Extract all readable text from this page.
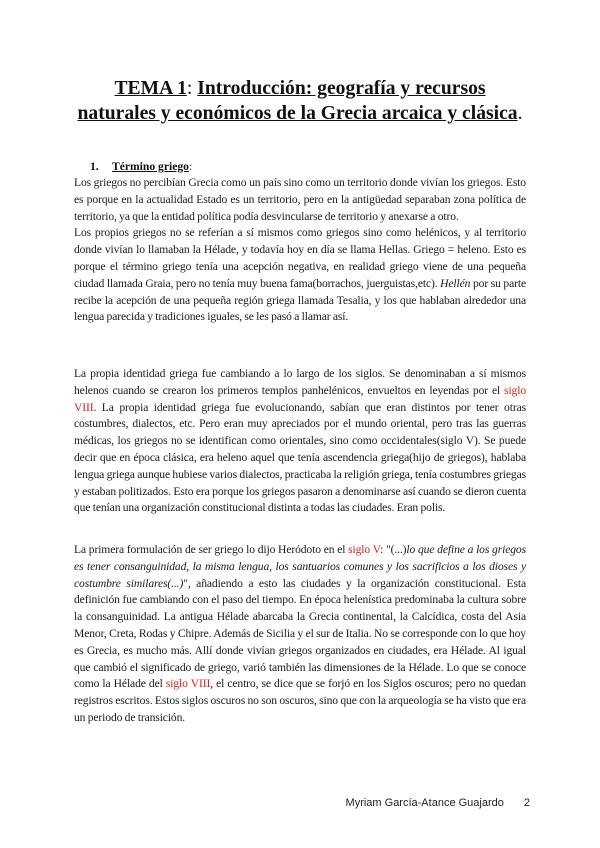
TEMA 1: Introducción: geografía y recursos naturales y económicos de la Grecia arcaica y clásica.
1. Término griego:

Los griegos no percibían Grecia como un país sino como un territorio donde vivían los griegos. Esto es porque en la actualidad Estado es un territorio, pero en la antigüedad separaban zona política de territorio, ya que la entidad política podía desvincularse de territorio y anexarse a otro.

Los propios griegos no se referían a sí mismos como griegos sino como helénicos, y al territorio donde vivían lo llamaban la Hélade, y todavía hoy en día se llama Hellas. Griego = heleno. Esto es porque el término griego tenía una acepción negativa, en realidad griego viene de una pequeña ciudad llamada Graia, pero no tenía muy buena fama(borrachos, juerguistas,etc). Hellén por su parte recibe la acepción de una pequeña región griega llamada Tesalia, y los que hablaban alrededor una lengua parecida y tradiciones iguales, se les pasó a llamar así.

La propia identidad griega fue cambiando a lo largo de los siglos. Se denominaban a sí mismos helenos cuando se crearon los primeros templos panhelénicos, envueltos en leyendas por el siglo VIII. La propia identidad griega fue evolucionando, sabían que eran distintos por tener otras costumbres, dialectos, etc. Pero eran muy apreciados por el mundo oriental, pero tras las guerras médicas, los griegos no se identifican como orientales, sino como occidentales(siglo V). Se puede decir que en época clásica, era heleno aquel que tenía ascendencia griega(hijo de griegos), hablaba lengua griega aunque hubiese varios dialectos, practicaba la religión griega, tenía costumbres griegas y estaban politizados. Esto era porque los griegos pasaron a denominarse así cuando se dieron cuenta que tenían una organización constitucional distinta a todas las ciudades. Eran polis.

La primera formulación de ser griego lo dijo Heródoto en el siglo V: "(...)lo que define a los griegos es tener consanguinidad, la misma lengua, los santuarios comunes y los sacrificios a los dioses y costumbre similares(...)", añadiendo a esto las ciudades y la organización constitucional. Esta definición fue cambiando con el paso del tiempo. En época helenística predominaba la cultura sobre la consanguinidad. La antigua Hélade abarcaba la Grecia continental, la Calcídica, costa del Asia Menor, Creta, Rodas y Chipre. Además de Sicilia y el sur de Italia. No se corresponde con lo que hoy es Grecia, es mucho más. Allí donde vivían griegos organizados en ciudades, era Hélade. Al igual que cambió el significado de griego, varió también las dimensiones de la Hélade. Lo que se conoce como la Hélade del siglo VIII, el centro, se dice que se forjó en los Siglos oscuros; pero no quedan registros escritos. Estos siglos oscuros no son oscuros, sino que con la arqueología se ha visto que era un periodo de transición.

Myriam García-Atance Guajardo 2
